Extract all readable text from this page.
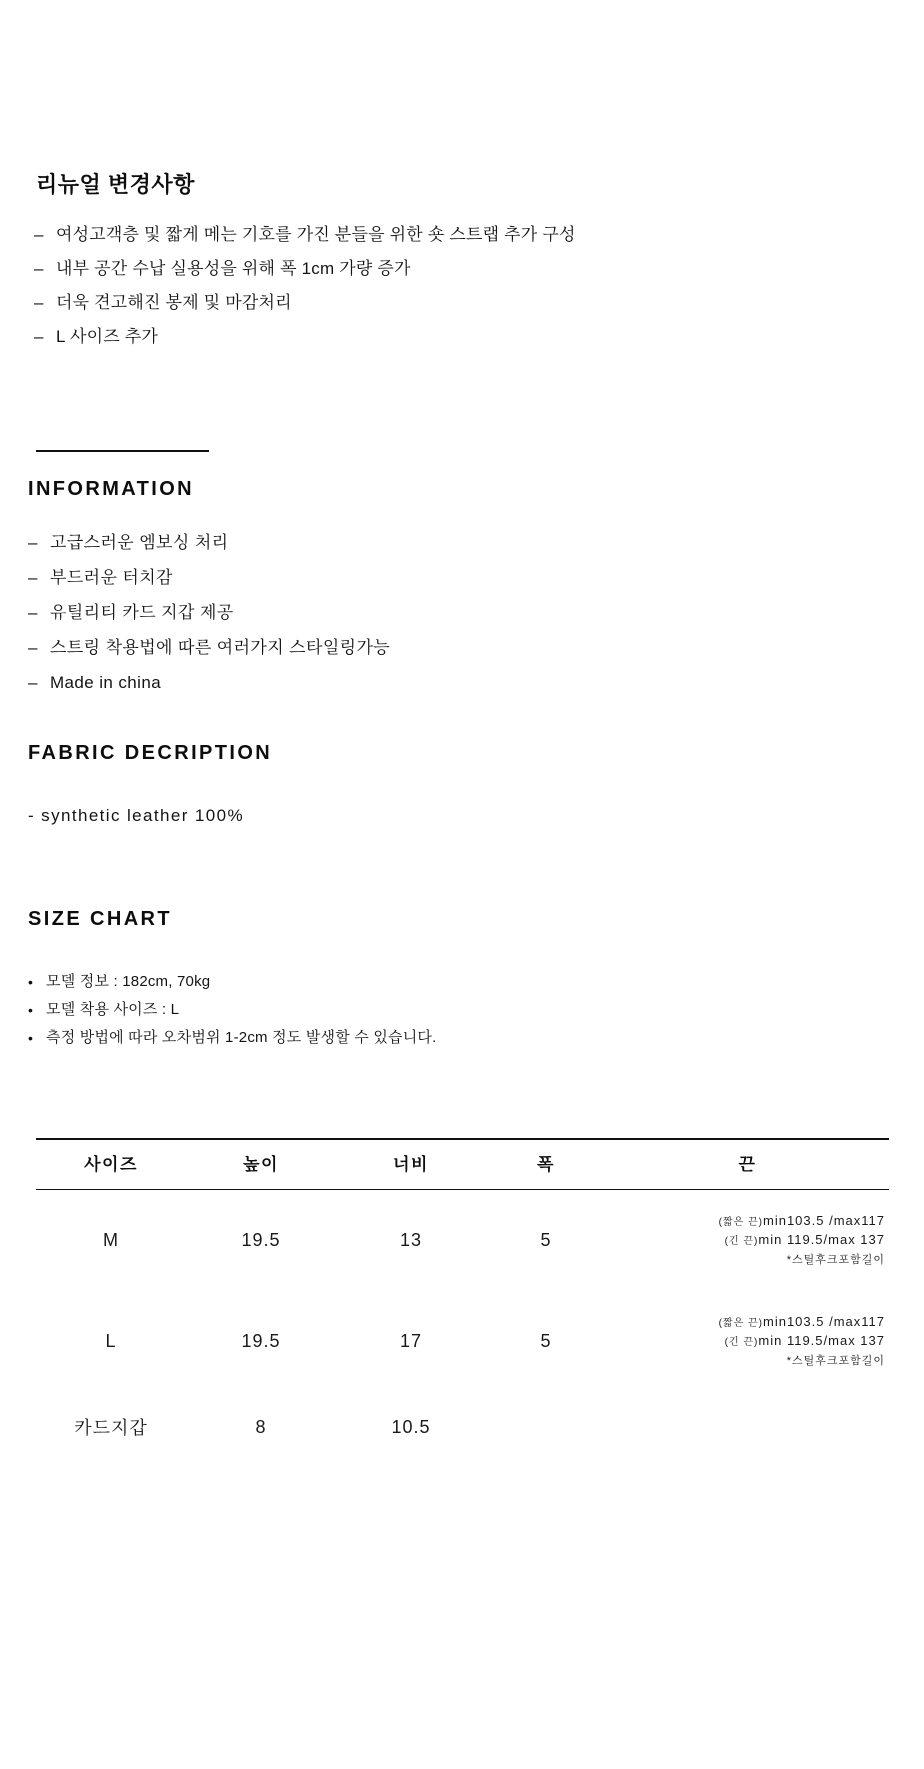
리뉴얼 변경사항
– 여성고객층 및 짧게 메는 기호를 가진 분들을 위한 숏 스트랩 추가 구성
– 내부 공간 수납 실용성을 위해 폭 1cm 가량 증가
– 더욱 견고해진 봉제 및 마감처리
– L 사이즈 추가
INFORMATION
– 고급스러운 엠보싱 처리
– 부드러운 터치감
– 유틸리티 카드 지갑 제공
– 스트링 착용법에 따른 여러가지 스타일링가능
– Made in china
FABRIC DECRIPTION
- synthetic leather 100%
SIZE CHART
• 모델 정보 : 182cm, 70kg
• 모델 착용 사이즈 : L
• 측정 방법에 따라 오차범위 1-2cm 정도 발생할 수 있습니다.
사이즈	높이	너비	폭	끈
M	19.5	13	5	(짧은 끈)min103.5 /max117
(긴 끈)min 119.5/max 137
*스틸후크포함길이

L	19.5	17	5	(짧은 끈)min103.5 /max117
(긴 끈)min 119.5/max 137
*스틸후크포함길이

카드지갑	8	10.5		
